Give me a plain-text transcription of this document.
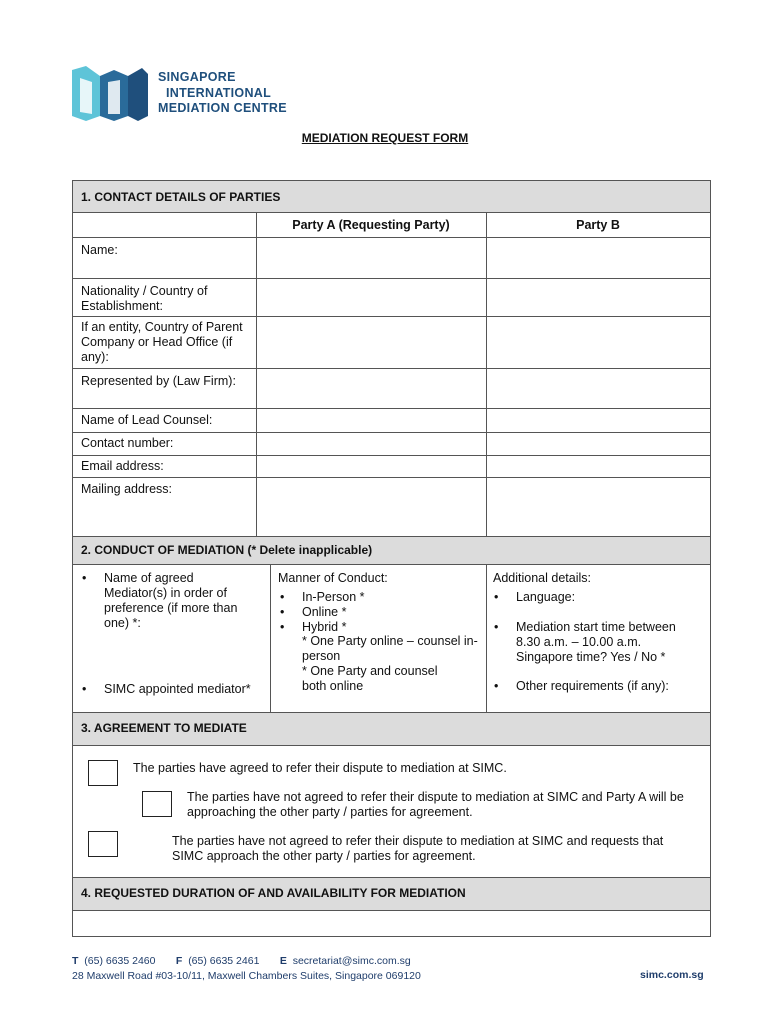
SINGAPORE
INTERNATIONAL
MEDIATION CENTRE
MEDIATION REQUEST FORM
1. CONTACT DETAILS OF PARTIES
Party A (Requesting Party)	Party B
Name:
Nationality / Country of Establishment:
If an entity, Country of Parent Company or Head Office (if any):
Represented by (Law Firm):
Name of Lead Counsel:
Contact number:
Email address:
Mailing address:
2. CONDUCT OF MEDIATION (* Delete inapplicable)
• Name of agreed Mediator(s) in order of preference (if more than one) *:
• SIMC appointed mediator*
Manner of Conduct:
• In-Person *
• Online *
• Hybrid *
* One Party online – counsel in-person
* One Party and counsel both online
Additional details:
• Language:
• Mediation start time between 8.30 a.m. – 10.00 a.m. Singapore time? Yes / No *
• Other requirements (if any):
3. AGREEMENT TO MEDIATE
The parties have agreed to refer their dispute to mediation at SIMC.
The parties have not agreed to refer their dispute to mediation at SIMC and Party A will be approaching the other party / parties for agreement.
The parties have not agreed to refer their dispute to mediation at SIMC and requests that SIMC approach the other party / parties for agreement.
4. REQUESTED DURATION OF AND AVAILABILITY FOR MEDIATION
T (65) 6635 2460 F (65) 6635 2461 E secretariat@simc.com.sg
28 Maxwell Road #03-10/11, Maxwell Chambers Suites, Singapore 069120	simc.com.sg
